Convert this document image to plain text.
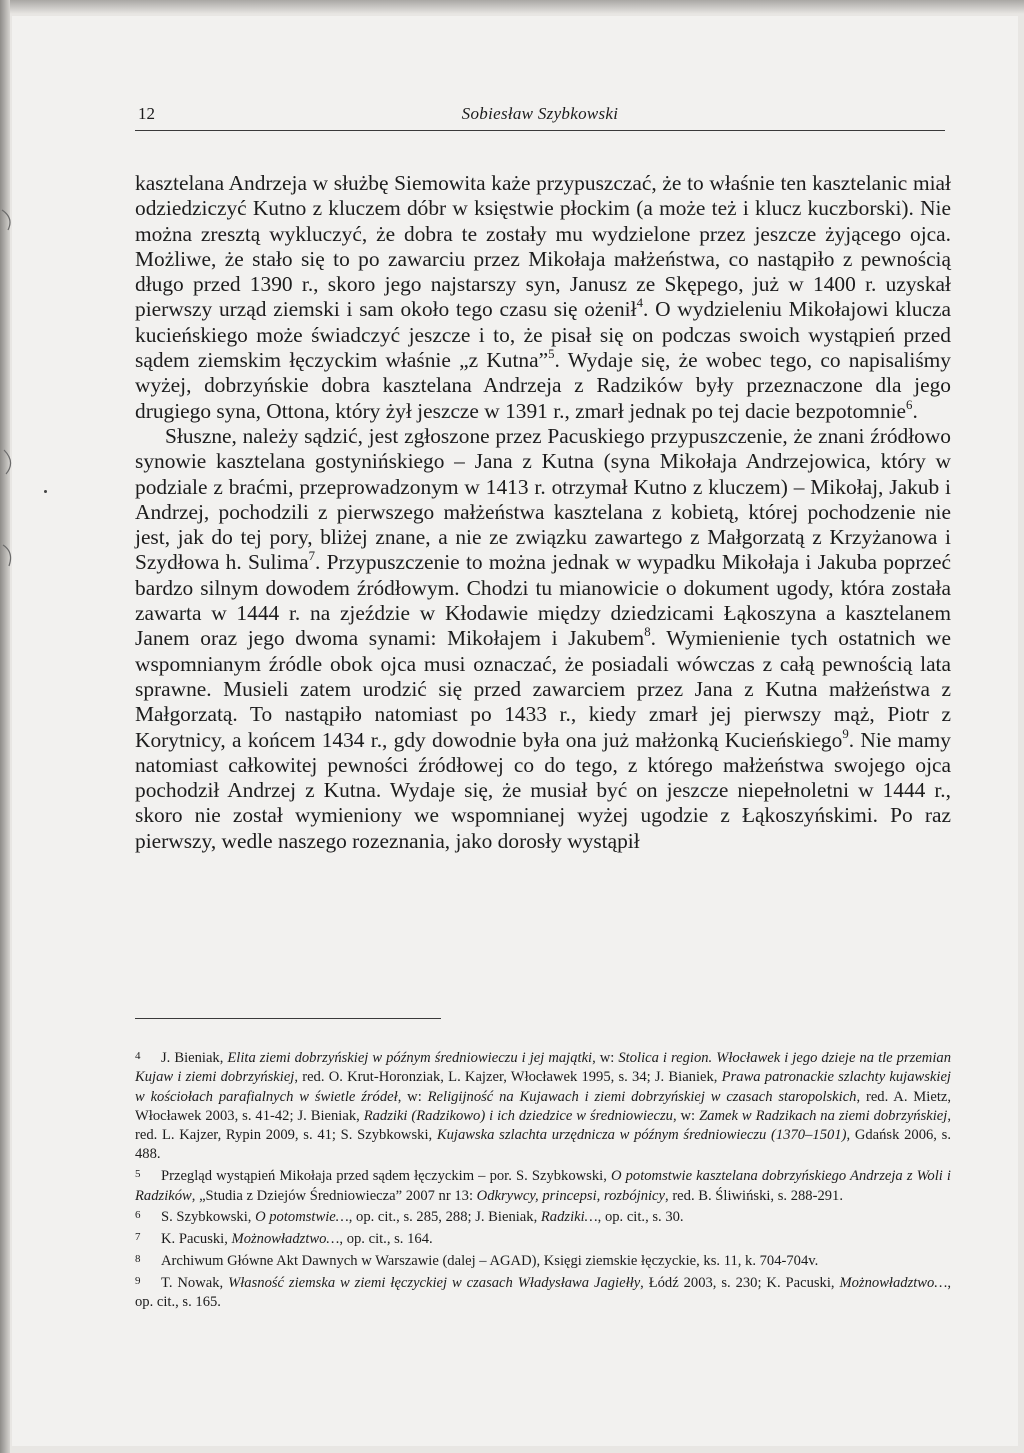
12	Sobiesław Szybkowski

kasztelana Andrzeja w służbę Siemowita każe przypuszczać, że to właśnie ten kasztelanic miał odziedziczyć Kutno z kluczem dóbr w księstwie płockim (a może też i klucz kuczborski). Nie można zresztą wykluczyć, że dobra te zostały mu wydzielone przez jeszcze żyjącego ojca. Możliwe, że stało się to po zawarciu przez Mikołaja małżeństwa, co nastąpiło z pewnością długo przed 1390 r., skoro jego najstarszy syn, Janusz ze Skępego, już w 1400 r. uzyskał pierwszy urząd ziemski i sam około tego czasu się ożenił$^4$. O wydzieleniu Mikołajowi klucza kucieńskiego może świadczyć jeszcze i to, że pisał się on podczas swoich wystąpień przed sądem ziemskim łęczyckim właśnie „z Kutna”$^5$. Wydaje się, że wobec tego, co napisaliśmy wyżej, dobrzyńskie dobra kasztelana Andrzeja z Radzików były przeznaczone dla jego drugiego syna, Ottona, który żył jeszcze w 1391 r., zmarł jednak po tej dacie bezpotomnie$^6$.

Słuszne, należy sądzić, jest zgłoszone przez Pacuskiego przypuszczenie, że znani źródłowo synowie kasztelana gostynińskiego – Jana z Kutna (syna Mikołaja Andrzejowica, który w podziale z braćmi, przeprowadzonym w 1413 r. otrzymał Kutno z kluczem) – Mikołaj, Jakub i Andrzej, pochodzili z pierwszego małżeństwa kasztelana z kobietą, której pochodzenie nie jest, jak do tej pory, bliżej znane, a nie ze związku zawartego z Małgorzatą z Krzyżanowa i Szydłowa h. Sulima$^7$. Przypuszczenie to można jednak w wypadku Mikołaja i Jakuba poprzeć bardzo silnym dowodem źródłowym. Chodzi tu mianowicie o dokument ugody, która została zawarta w 1444 r. na zjeździe w Kłodawie między dziedzicami Łąkoszyna a kasztelanem Janem oraz jego dwoma synami: Mikołajem i Jakubem$^8$. Wymienienie tych ostatnich we wspomnianym źródle obok ojca musi oznaczać, że posiadali wówczas z całą pewnością lata sprawne. Musieli zatem urodzić się przed zawarciem przez Jana z Kutna małżeństwa z Małgorzatą. To nastąpiło natomiast po 1433 r., kiedy zmarł jej pierwszy mąż, Piotr z Korytnicy, a końcem 1434 r., gdy dowodnie była ona już małżonką Kucieńskiego$^9$. Nie mamy natomiast całkowitej pewności źródłowej co do tego, z którego małżeństwa swojego ojca pochodził Andrzej z Kutna. Wydaje się, że musiał być on jeszcze niepełnoletni w 1444 r., skoro nie został wymieniony we wspomnianej wyżej ugodzie z Łąkoszyńskimi. Po raz pierwszy, wedle naszego rozeznania, jako dorosły wystąpił

4 J. Bieniak, Elita ziemi dobrzyńskiej w późnym średniowieczu i jej majątki, w: Stolica i region. Włocławek i jego dzieje na tle przemian Kujaw i ziemi dobrzyńskiej, red. O. Krut-Horonziak, L. Kajzer, Włocławek 1995, s. 34; J. Bianiek, Prawa patronackie szlachty kujawskiej w kościołach parafialnych w świetle źródeł, w: Religijność na Kujawach i ziemi dobrzyńskiej w czasach staropolskich, red. A. Mietz, Włocławek 2003, s. 41-42; J. Bieniak, Radziki (Radzikowo) i ich dziedzice w średniowieczu, w: Zamek w Radzikach na ziemi dobrzyńskiej, red. L. Kajzer, Rypin 2009, s. 41; S. Szybkowski, Kujawska szlachta urzędnicza w późnym średniowieczu (1370–1501), Gdańsk 2006, s. 488.

5 Przegląd wystąpień Mikołaja przed sądem łęczyckim – por. S. Szybkowski, O potomstwie kasztelana dobrzyńskiego Andrzeja z Woli i Radzików, „Studia z Dziejów Średniowiecza” 2007 nr 13: Odkrywcy, princepsi, rozbójnicy, red. B. Śliwiński, s. 288-291.

6 S. Szybkowski, O potomstwie…, op. cit., s. 285, 288; J. Bieniak, Radziki…, op. cit., s. 30.

7 K. Pacuski, Możnowładztwo…, op. cit., s. 164.

8 Archiwum Główne Akt Dawnych w Warszawie (dalej – AGAD), Księgi ziemskie łęczyckie, ks. 11, k. 704-704v.

9 T. Nowak, Własność ziemska w ziemi łęczyckiej w czasach Władysława Jagiełły, Łódź 2003, s. 230; K. Pacuski, Możnowładztwo…, op. cit., s. 165.
